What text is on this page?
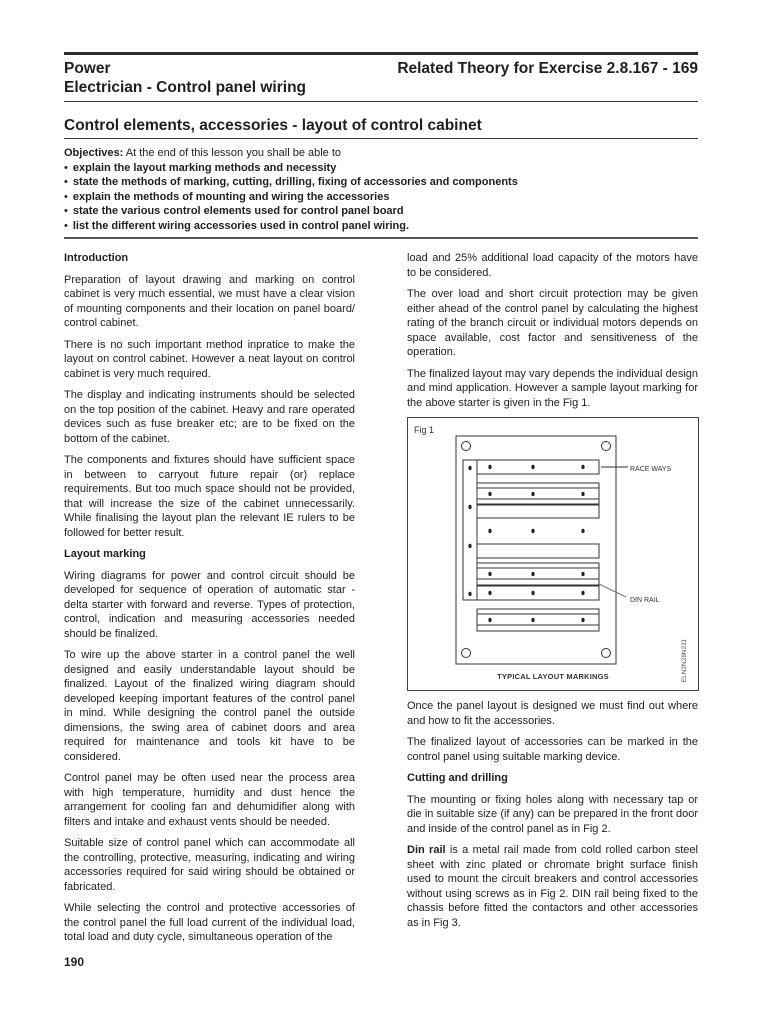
Power	Related Theory for Exercise 2.8.167 - 169
Electrician - Control panel wiring
Control elements, accessories - layout of control cabinet
Objectives: At the end of this lesson you shall be able to
• explain the layout marking methods and necessity
• state the methods of marking, cutting, drilling, fixing of accessories and components
• explain the methods of mounting and wiring the accessories
• state the various control elements used for control panel board
• list the different wiring accessories used in control panel wiring.
Introduction

Preparation of layout drawing and marking on control cabinet is very much essential, we must have a clear vision of mounting components and their location on panel board/ control cabinet.

There is no such important method inpratice to make the layout on control cabinet. However a neat layout on control cabinet is very much required.

The display and indicating instruments should be selected on the top position of the cabinet. Heavy and rare operated devices such as fuse breaker etc; are to be fixed on the bottom of the cabinet.

The components and fixtures should have sufficient space in between to carryout future repair (or) replace requirements. But too much space should not be provided, that will increase the size of the cabinet unnecessarily. While finalising the layout plan the relevant IE rulers to be followed for better result.

Layout marking

Wiring diagrams for power and control circuit should be developed for sequence of operation of automatic star - delta starter with forward and reverse. Types of protection, control, indication and measuring accessories needed should be finalized.

To wire up the above starter in a control panel the well designed and easily understandable layout should be finalized. Layout of the finalized wiring diagram should developed keeping important features of the control panel in mind. While designing the control panel the outside dimensions, the swing area of cabinet doors and area required for maintenance and tools kit have to be considered.

Control panel may be often used near the process area with high temperature, humidity and dust hence the arrangement for cooling fan and dehumidifier along with filters and intake and exhaust vents should be needed.

Suitable size of control panel which can accommodate all the controlling, protective, measuring, indicating and wiring accessories required for said wiring should be obtained or fabricated.

While selecting the control and protective accessories of the control panel the full load current of the individual load, total load and duty cycle, simultaneous operation of the

load and 25% additional load capacity of the motors have to be considered.

The over load and short circuit protection may be given either ahead of the control panel by calculating the highest rating of the branch circuit or individual motors depends on space available, cost factor and sensitiveness of the operation.

The finalized layout may vary depends the individual design and mind application. However a sample layout marking for the above starter is given in the Fig 1.

Fig 1
RACE WAYS
DIN RAIL
TYPICAL LAYOUT MARKINGS	ELN2N28N211

Once the panel layout is designed we must find out where and how to fit the accessories.

The finalized layout of accessories can be marked in the control panel using suitable marking device.

Cutting and drilling

The mounting or fixing holes along with necessary tap or die in suitable size (if any) can be prepared in the front door and inside of the control panel as in Fig 2.

Din rail is a metal rail made from cold rolled carbon steel sheet with zinc plated or chromate bright surface finish used to mount the circuit breakers and control accessories without using screws as in Fig 2. DIN rail being fixed to the chassis before fitted the contactors and other accessories as in Fig 3.

190
